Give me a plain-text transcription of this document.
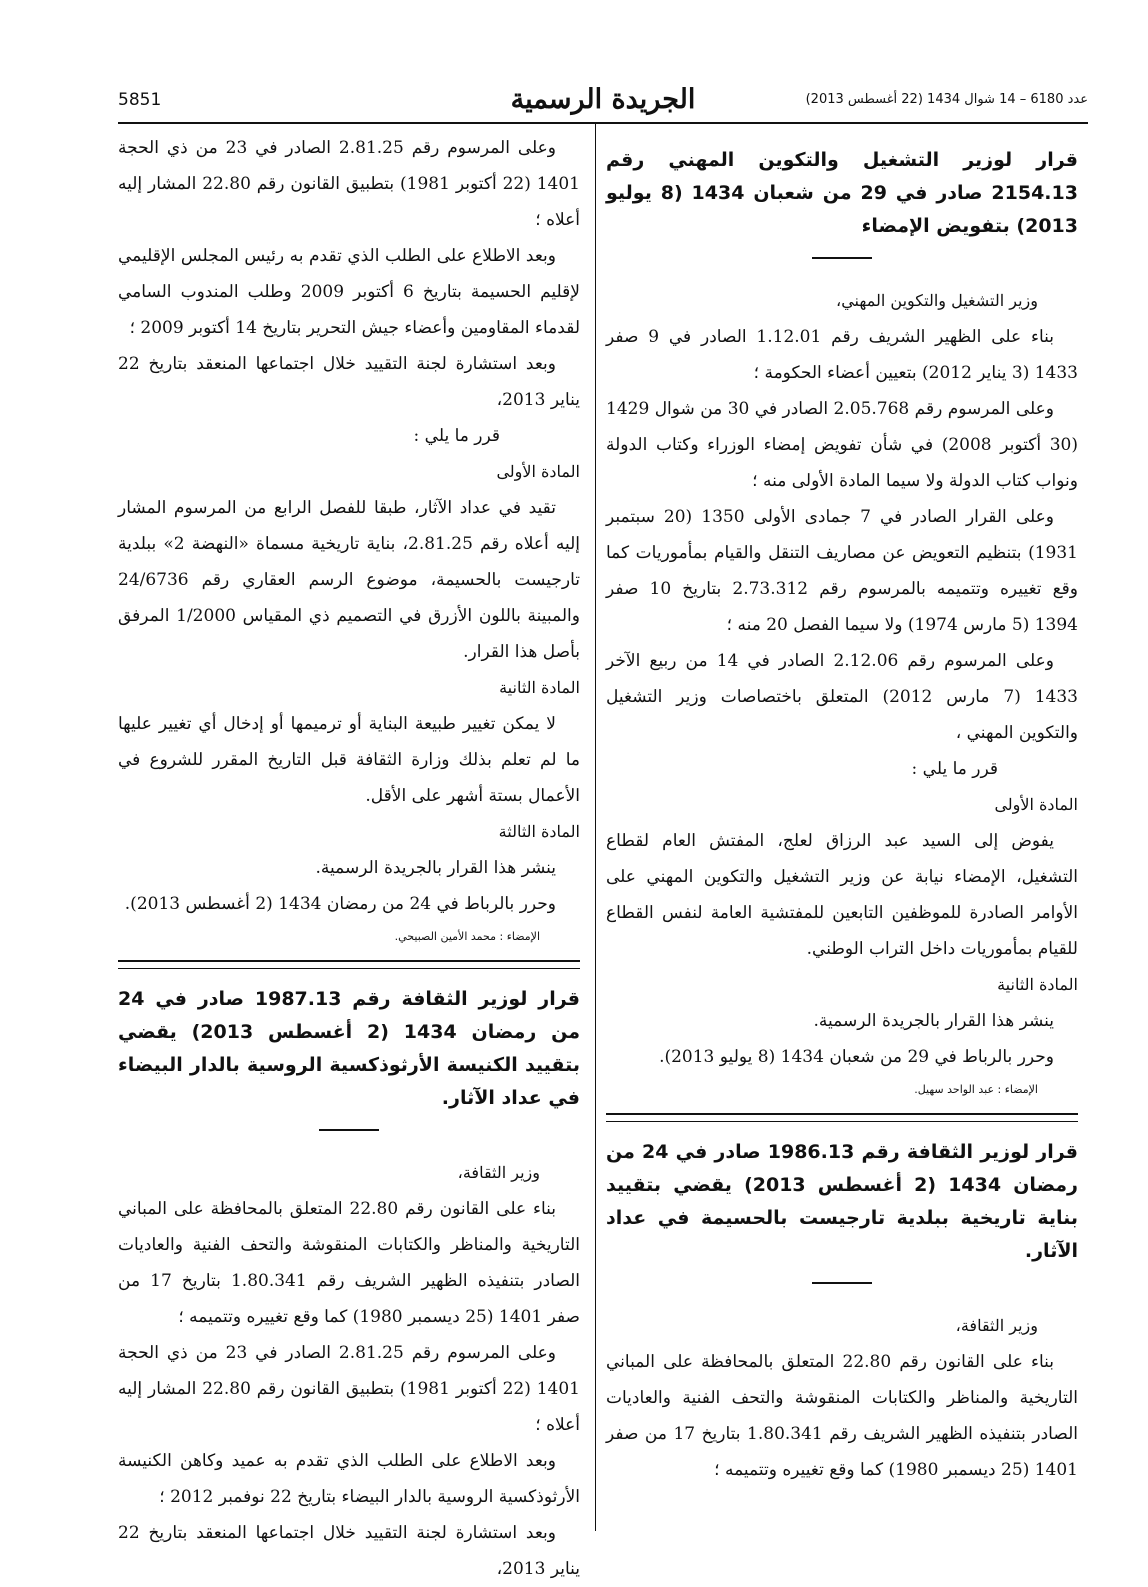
5851	الجريدة الرسمية	عدد 6180 – 14 شوال 1434 (22 أغسطس 2013)
قرار لوزير التشغيل والتكوين المهني رقم 2154.13 صادر في 29 من شعبان 1434 (8 يوليو 2013) بتفويض الإمضاء

وزير التشغيل والتكوين المهني،

بناء على الظهير الشريف رقم 1.12.01 الصادر في 9 صفر 1433 (3 يناير 2012) بتعيين أعضاء الحكومة ؛

وعلى المرسوم رقم 2.05.768 الصادر في 30 من شوال 1429 (30 أكتوبر 2008) في شأن تفويض إمضاء الوزراء وكتاب الدولة ونواب كتاب الدولة ولا سيما المادة الأولى منه ؛

وعلى القرار الصادر في 7 جمادى الأولى 1350 (20 سبتمبر 1931) بتنظيم التعويض عن مصاريف التنقل والقيام بمأموريات كما وقع تغييره وتتميمه بالمرسوم رقم 2.73.312 بتاريخ 10 صفر 1394 (5 مارس 1974) ولا سيما الفصل 20 منه ؛

وعلى المرسوم رقم 2.12.06 الصادر في 14 من ربيع الآخر 1433 (7 مارس 2012) المتعلق باختصاصات وزير التشغيل والتكوين المهني ،

قرر ما يلي :

المادة الأولى

يفوض إلى السيد عبد الرزاق لعلج، المفتش العام لقطاع التشغيل، الإمضاء نيابة عن وزير التشغيل والتكوين المهني على الأوامر الصادرة للموظفين التابعين للمفتشية العامة لنفس القطاع للقيام بمأموريات داخل التراب الوطني.

المادة الثانية

ينشر هذا القرار بالجريدة الرسمية.

وحرر بالرباط في 29 من شعبان 1434 (8 يوليو 2013).

الإمضاء : عبد الواحد سهيل.

قرار لوزير الثقافة رقم 1986.13 صادر في 24 من رمضان 1434 (2 أغسطس 2013) يقضي بتقييد بناية تاريخية ببلدية تارجيست بالحسيمة في عداد الآثار.

وزير الثقافة،

بناء على القانون رقم 22.80 المتعلق بالمحافظة على المباني التاريخية والمناظر والكتابات المنقوشة والتحف الفنية والعاديات الصادر بتنفيذه الظهير الشريف رقم 1.80.341 بتاريخ 17 من صفر 1401 (25 ديسمبر 1980) كما وقع تغييره وتتميمه ؛

وعلى المرسوم رقم 2.81.25 الصادر في 23 من ذي الحجة 1401 (22 أكتوبر 1981) بتطبيق القانون رقم 22.80 المشار إليه أعلاه ؛

وبعد الاطلاع على الطلب الذي تقدم به رئيس المجلس الإقليمي لإقليم الحسيمة بتاريخ 6 أكتوبر 2009 وطلب المندوب السامي لقدماء المقاومين وأعضاء جيش التحرير بتاريخ 14 أكتوبر 2009 ؛

وبعد استشارة لجنة التقييد خلال اجتماعها المنعقد بتاريخ 22 يناير 2013،

قرر ما يلي :

المادة الأولى

تقيد في عداد الآثار، طبقا للفصل الرابع من المرسوم المشار إليه أعلاه رقم 2.81.25، بناية تاريخية مسماة «النهضة 2» ببلدية تارجيست بالحسيمة، موضوع الرسم العقاري رقم 24/6736 والمبينة باللون الأزرق في التصميم ذي المقياس 1/2000 المرفق بأصل هذا القرار.

المادة الثانية

لا يمكن تغيير طبيعة البناية أو ترميمها أو إدخال أي تغيير عليها ما لم تعلم بذلك وزارة الثقافة قبل التاريخ المقرر للشروع في الأعمال بستة أشهر على الأقل.

المادة الثالثة

ينشر هذا القرار بالجريدة الرسمية.

وحرر بالرباط في 24 من رمضان 1434 (2 أغسطس 2013).

الإمضاء : محمد الأمين الصبيحي.

قرار لوزير الثقافة رقم 1987.13 صادر في 24 من رمضان 1434 (2 أغسطس 2013) يقضي بتقييد الكنيسة الأرثوذكسية الروسية بالدار البيضاء في عداد الآثار.

وزير الثقافة،

بناء على القانون رقم 22.80 المتعلق بالمحافظة على المباني التاريخية والمناظر والكتابات المنقوشة والتحف الفنية والعاديات الصادر بتنفيذه الظهير الشريف رقم 1.80.341 بتاريخ 17 من صفر 1401 (25 ديسمبر 1980) كما وقع تغييره وتتميمه ؛

وعلى المرسوم رقم 2.81.25 الصادر في 23 من ذي الحجة 1401 (22 أكتوبر 1981) بتطبيق القانون رقم 22.80 المشار إليه أعلاه ؛

وبعد الاطلاع على الطلب الذي تقدم به عميد وكاهن الكنيسة الأرثوذكسية الروسية بالدار البيضاء بتاريخ 22 نوفمبر 2012 ؛

وبعد استشارة لجنة التقييد خلال اجتماعها المنعقد بتاريخ 22 يناير 2013،
